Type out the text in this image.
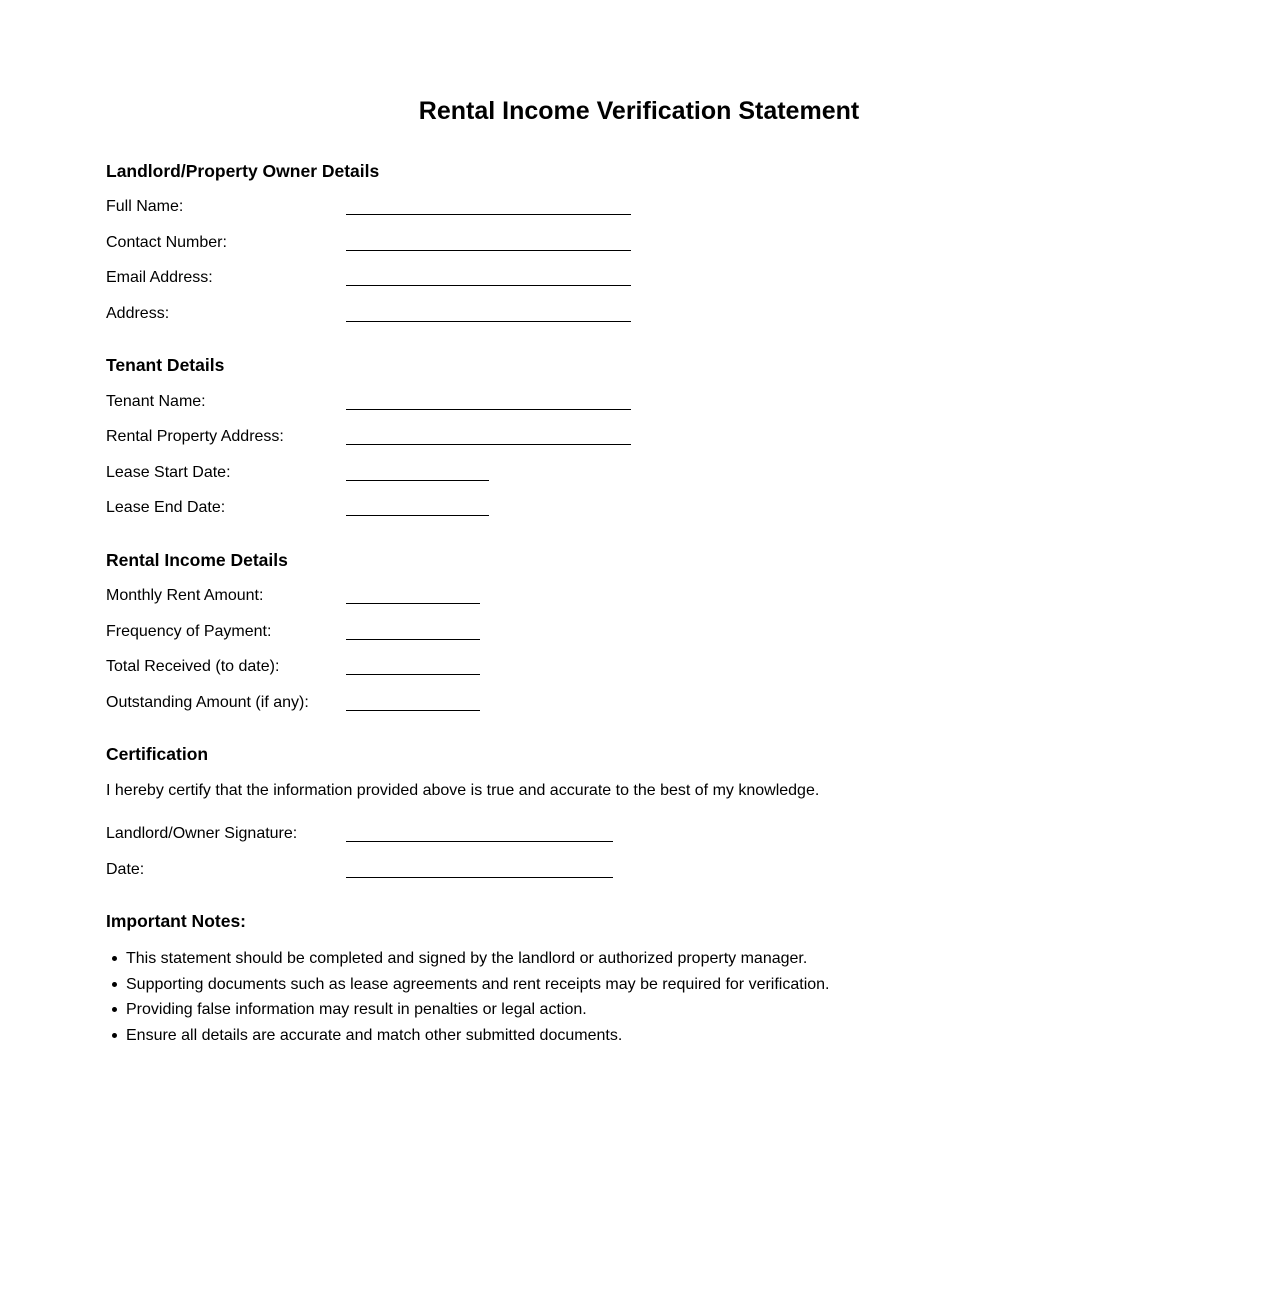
Rental Income Verification Statement
Landlord/Property Owner Details
Full Name:
Contact Number:
Email Address:
Address:
Tenant Details
Tenant Name:
Rental Property Address:
Lease Start Date:
Lease End Date:
Rental Income Details
Monthly Rent Amount:
Frequency of Payment:
Total Received (to date):
Outstanding Amount (if any):
Certification

I hereby certify that the information provided above is true and accurate to the best of my knowledge.

Landlord/Owner Signature:
Date:
Important Notes:
This statement should be completed and signed by the landlord or authorized property manager.
Supporting documents such as lease agreements and rent receipts may be required for verification.
Providing false information may result in penalties or legal action.
Ensure all details are accurate and match other submitted documents.
